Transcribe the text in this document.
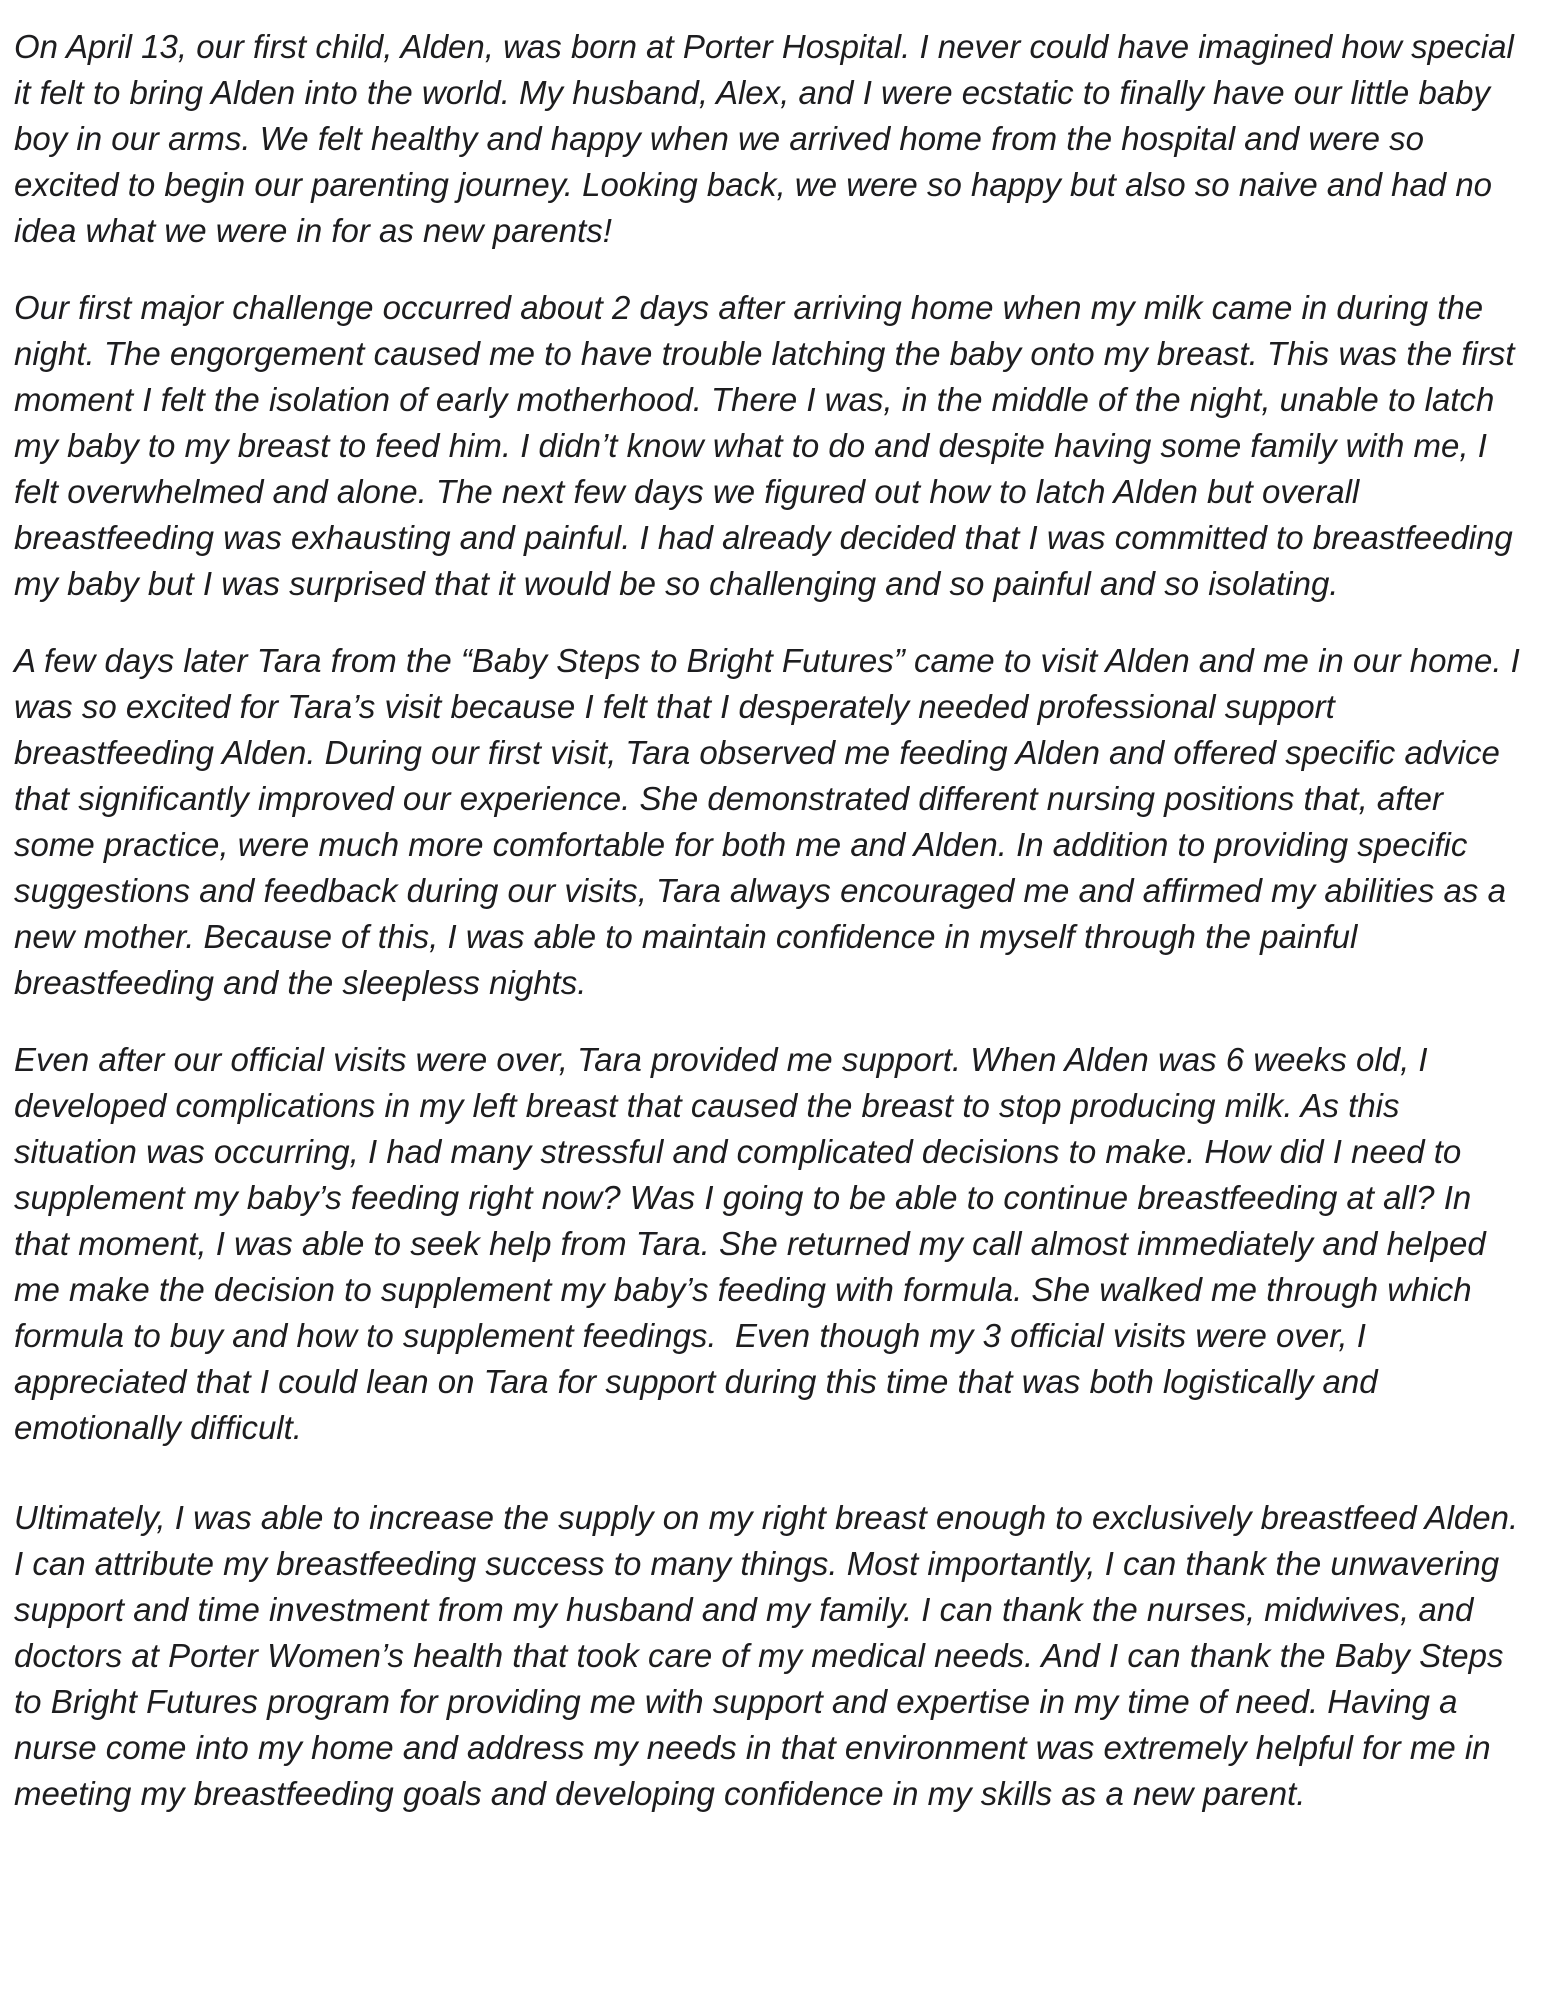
On April 13, our first child, Alden, was born at Porter Hospital. I never could have imagined how special it felt to bring Alden into the world. My husband, Alex, and I were ecstatic to finally have our little baby boy in our arms. We felt healthy and happy when we arrived home from the hospital and were so excited to begin our parenting journey. Looking back, we were so happy but also so naive and had no idea what we were in for as new parents!

Our first major challenge occurred about 2 days after arriving home when my milk came in during the night. The engorgement caused me to have trouble latching the baby onto my breast. This was the first moment I felt the isolation of early motherhood. There I was, in the middle of the night, unable to latch my baby to my breast to feed him. I didn’t know what to do and despite having some family with me, I felt overwhelmed and alone. The next few days we figured out how to latch Alden but overall breastfeeding was exhausting and painful. I had already decided that I was committed to breastfeeding my baby but I was surprised that it would be so challenging and so painful and so isolating.

A few days later Tara from the “Baby Steps to Bright Futures” came to visit Alden and me in our home. I was so excited for Tara’s visit because I felt that I desperately needed professional support breastfeeding Alden. During our first visit, Tara observed me feeding Alden and offered specific advice that significantly improved our experience. She demonstrated different nursing positions that, after some practice, were much more comfortable for both me and Alden. In addition to providing specific suggestions and feedback during our visits, Tara always encouraged me and affirmed my abilities as a new mother. Because of this, I was able to maintain confidence in myself through the painful breastfeeding and the sleepless nights.

Even after our official visits were over, Tara provided me support. When Alden was 6 weeks old, I developed complications in my left breast that caused the breast to stop producing milk. As this situation was occurring, I had many stressful and complicated decisions to make. How did I need to supplement my baby’s feeding right now? Was I going to be able to continue breastfeeding at all? In that moment, I was able to seek help from Tara. She returned my call almost immediately and helped me make the decision to supplement my baby’s feeding with formula. She walked me through which formula to buy and how to supplement feedings.  Even though my 3 official visits were over, I appreciated that I could lean on Tara for support during this time that was both logistically and emotionally difficult.

Ultimately, I was able to increase the supply on my right breast enough to exclusively breastfeed Alden. I can attribute my breastfeeding success to many things. Most importantly, I can thank the unwavering support and time investment from my husband and my family. I can thank the nurses, midwives, and doctors at Porter Women’s health that took care of my medical needs. And I can thank the Baby Steps to Bright Futures program for providing me with support and expertise in my time of need. Having a nurse come into my home and address my needs in that environment was extremely helpful for me in meeting my breastfeeding goals and developing confidence in my skills as a new parent.
